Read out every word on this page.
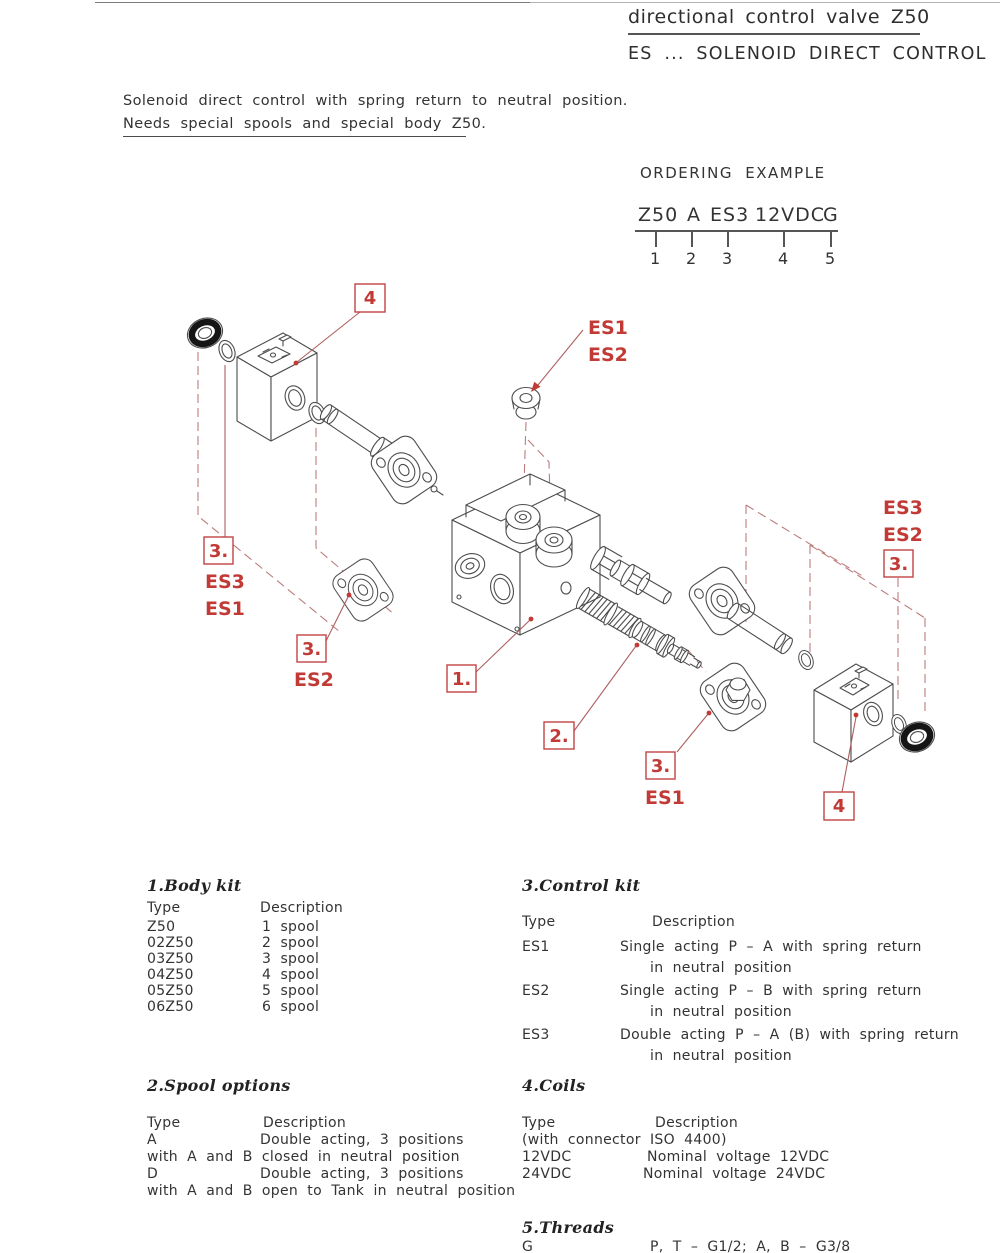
directional control valve Z50
ES ... SOLENOID DIRECT CONTROL
Solenoid direct control with spring return to neutral position.
Needs special spools and special body Z50.
ORDERING EXAMPLE
Z50 A ES3 12VDC
G
1 2 3	4 5
4
ES1
ES2
3.
ES3
ES1
3.
ES2	1.
2.
3.
ES1
ES3
ES2
3.
4
1.Body kit
Type	Description
Z50	1 spool
02Z50	2 spool
03Z50	3 spool
04Z50	4 spool
05Z50	5 spool
06Z50	6 spool
3.Control kit
Type	Description
ES1	Single acting P – A with spring return
in neutral position
ES2	Single acting P – B with spring return
in neutral position
ES3	Double acting P – A (B) with spring return
in neutral position
2.Spool options
Type	Description
A	Double acting, 3 positions
with A and B closed in neutral position
D	Double acting, 3 positions
with A and B open to Tank in neutral position
4.Coils
Type	Description
(with connector ISO 4400)
12VDC	Nominal voltage 12VDC
24VDC	Nominal voltage 24VDC
5.Threads
G	P, T – G1/2; A, B – G3/8
